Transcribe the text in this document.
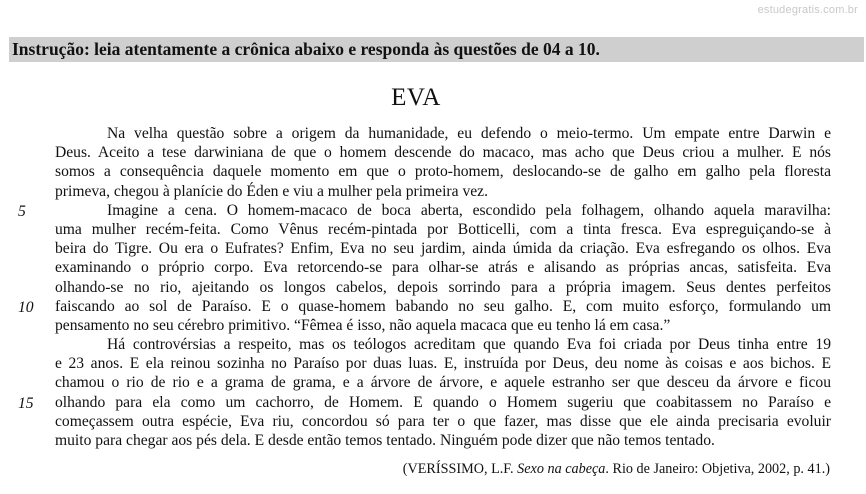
estudegratis.com.br
Instrução: leia atentamente a crônica abaixo e responda às questões de 04 a 10.
EVA
5
10
15
Na velha questão sobre a origem da humanidade, eu defendo o meio-termo. Um empate entre Darwin e
Deus. Aceito a tese darwiniana de que o homem descende do macaco, mas acho que Deus criou a mulher. E nós
somos a consequência daquele momento em que o proto-homem, deslocando-se de galho em galho pela floresta
primeva, chegou à planície do Éden e viu a mulher pela primeira vez.
Imagine a cena. O homem-macaco de boca aberta, escondido pela folhagem, olhando aquela maravilha:
uma mulher recém-feita. Como Vênus recém-pintada por Botticelli, com a tinta fresca. Eva espreguiçando-se à
beira do Tigre. Ou era o Eufrates? Enfim, Eva no seu jardim, ainda úmida da criação. Eva esfregando os olhos. Eva
examinando o próprio corpo. Eva retorcendo-se para olhar-se atrás e alisando as próprias ancas, satisfeita. Eva
olhando-se no rio, ajeitando os longos cabelos, depois sorrindo para a própria imagem. Seus dentes perfeitos
faiscando ao sol de Paraíso. E o quase-homem babando no seu galho. E, com muito esforço, formulando um
pensamento no seu cérebro primitivo. “Fêmea é isso, não aquela macaca que eu tenho lá em casa.”
Há controvérsias a respeito, mas os teólogos acreditam que quando Eva foi criada por Deus tinha entre 19
e 23 anos. E ela reinou sozinha no Paraíso por duas luas. E, instruída por Deus, deu nome às coisas e aos bichos. E
chamou o rio de rio e a grama de grama, e a árvore de árvore, e aquele estranho ser que desceu da árvore e ficou
olhando para ela como um cachorro, de Homem. E quando o Homem sugeriu que coabitassem no Paraíso e
começassem outra espécie, Eva riu, concordou só para ter o que fazer, mas disse que ele ainda precisaria evoluir
muito para chegar aos pés dela. E desde então temos tentado. Ninguém pode dizer que não temos tentado.
(VERÍSSIMO, L.F. Sexo na cabeça. Rio de Janeiro: Objetiva, 2002, p. 41.)
